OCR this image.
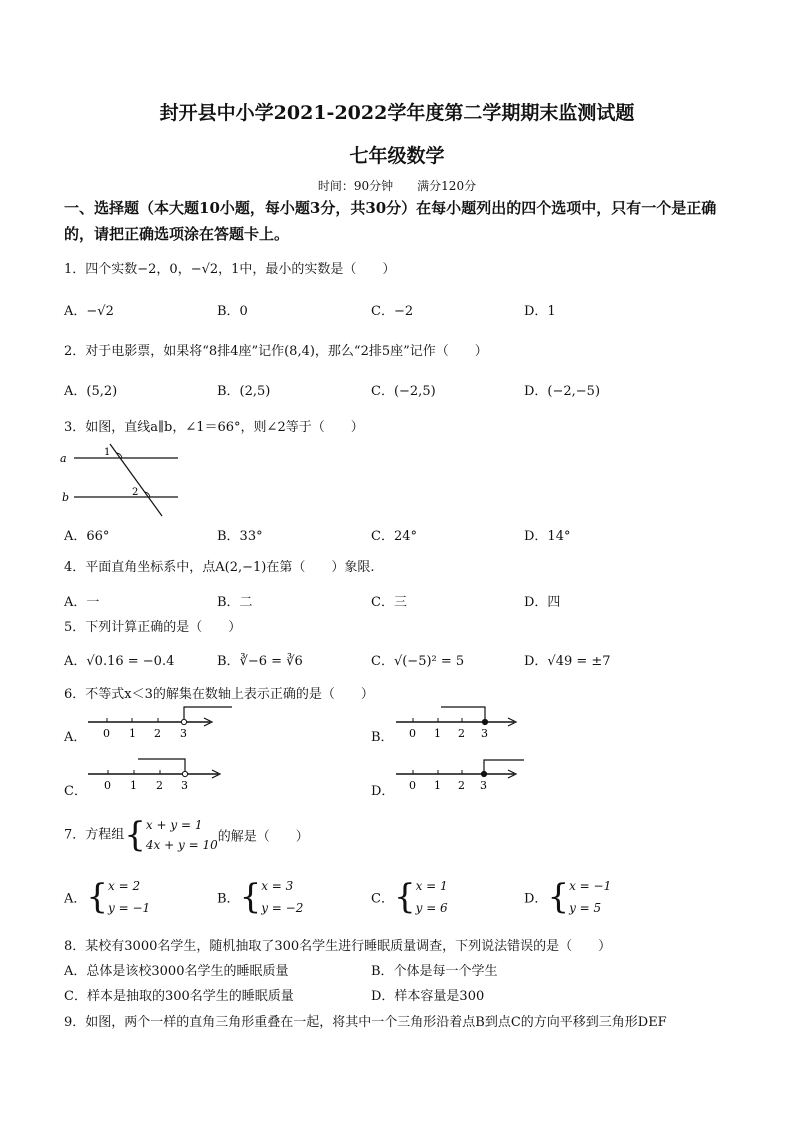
封开县中小学2021-2022学年度第二学期期末监测试题
七年级数学
时间：90分钟　　满分120分
一、选择题（本大题10小题，每小题3分，共30分）在每小题列出的四个选项中，只有一个是正确的，请把正确选项涂在答题卡上。
1．四个实数−2，0，−√2，1中，最小的实数是（　　）
A．−√2	B．0	C．−2	D．1
2．对于电影票，如果将“8排4座”记作(8,4)，那么“2排5座”记作（　　）
A．(5,2)	B．(2,5)	C．(−2,5)	D．(−2,−5)
3．如图，直线a∥b，∠1＝66°，则∠2等于（　　）
a
b
1
2
A．66°	B．33°	C．24°	D．14°
4．平面直角坐标系中，点A(2,−1)在第（　　）象限.
A．一	B．二	C．三	D．四
5．下列计算正确的是（　　）
A．√0.16 = −0.4	B．∛−6 = ∛6	C．√(−5)² = 5	D．√49 = ±7
6．不等式x＜3的解集在数轴上表示正确的是（　　）
A． 0 1 2 3	B． 0 1 2 3
C． 0 1 2 3	D． 0 1 2 3
7．方程组{x + y = 1
4x + y = 10的解是（　　）
A．{x = 2
y = −1
B．{x = 3
y = −2
C．{x = 1
y = 6
D．{x = −1
y = 5
8．某校有3000名学生，随机抽取了300名学生进行睡眠质量调查，下列说法错误的是（　　）
A．总体是该校3000名学生的睡眠质量	B．个体是每一个学生
C．样本是抽取的300名学生的睡眠质量	D．样本容量是300
9．如图，两个一样的直角三角形重叠在一起，将其中一个三角形沿着点B到点C的方向平移到三角形DEF
